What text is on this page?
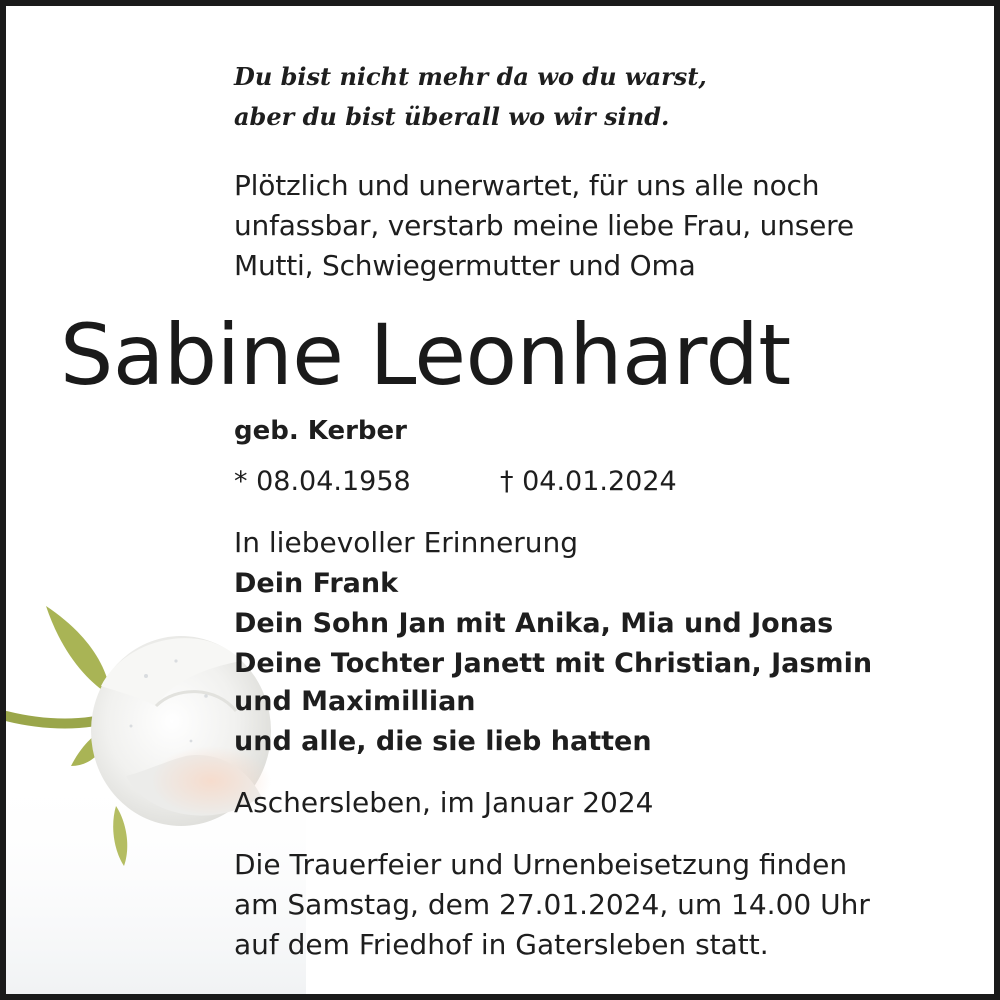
Du bist nicht mehr da wo du warst,

aber du bist überall wo wir sind.

Plötzlich und unerwartet, für uns alle noch

unfassbar, verstarb meine liebe Frau, unsere

Mutti, Schwiegermutter und Oma

Sabine Leonhardt

geb. Kerber

* 08.04.1958	† 04.01.2024

In liebevoller Erinnerung

Dein Frank

Dein Sohn Jan mit Anika, Mia und Jonas

Deine Tochter Janett mit Christian, Jasmin

und Maximillian

und alle, die sie lieb hatten

Aschersleben, im Januar 2024

Die Trauerfeier und Urnenbeisetzung finden

am Samstag, dem 27.01.2024, um 14.00 Uhr

auf dem Friedhof in Gatersleben statt.
